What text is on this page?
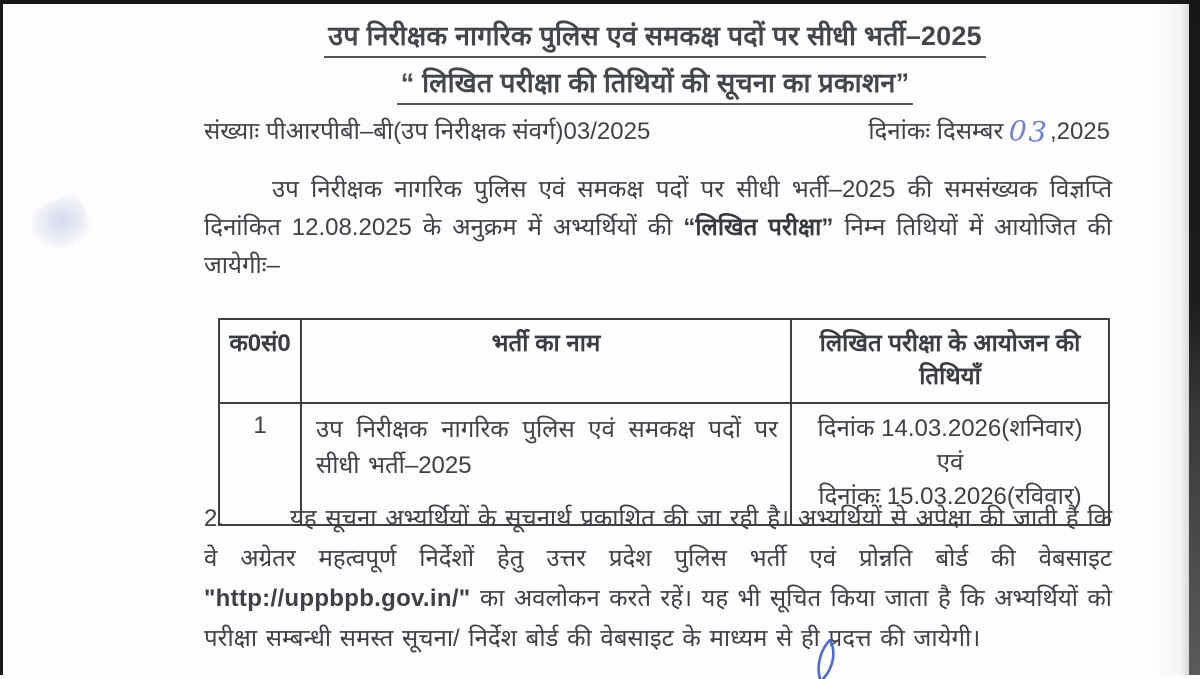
उप निरीक्षक नागरिक पुलिस एवं समकक्ष पदों पर सीधी भर्ती–2025
“ लिखित परीक्षा की तिथियों की सूचना का प्रकाशन”
संख्याः पीआरपीबी–बी(उप निरीक्षक संवर्ग)03/2025	दिनांकः दिसम्बर 03,2025
उप निरीक्षक नागरिक पुलिस एवं समकक्ष पदों पर सीधी भर्ती–2025 की समसंख्यक विज्ञप्ति दिनांकित 12.08.2025 के अनुक्रम में अभ्यर्थियों की “लिखित परीक्षा” निम्न तिथियों में आयोजित की जायेगीः–
क0सं0	भर्ती का नाम	लिखित परीक्षा के आयोजन की तिथियाँ
1	उप निरीक्षक नागरिक पुलिस एवं समकक्ष पदों पर सीधी भर्ती–2025	दिनांक 14.03.2026(शनिवार)
एवं
दिनांकः 15.03.2026(रविवार)
2.	यह सूचना अभ्यर्थियों के सूचनार्थ प्रकाशित की जा रही है। अभ्यर्थियों से अपेक्षा की जाती है कि वे अग्रेतर महत्वपूर्ण निर्देशों हेतु उत्तर प्रदेश पुलिस भर्ती एवं प्रोन्नति बोर्ड की वेबसाइट "http://uppbpb.gov.in/" का अवलोकन करते रहें। यह भी सूचित किया जाता है कि अभ्यर्थियों को परीक्षा सम्बन्धी समस्त सूचना/ निर्देश बोर्ड की वेबसाइट के माध्यम से ही प्रदत्त की जायेगी।
